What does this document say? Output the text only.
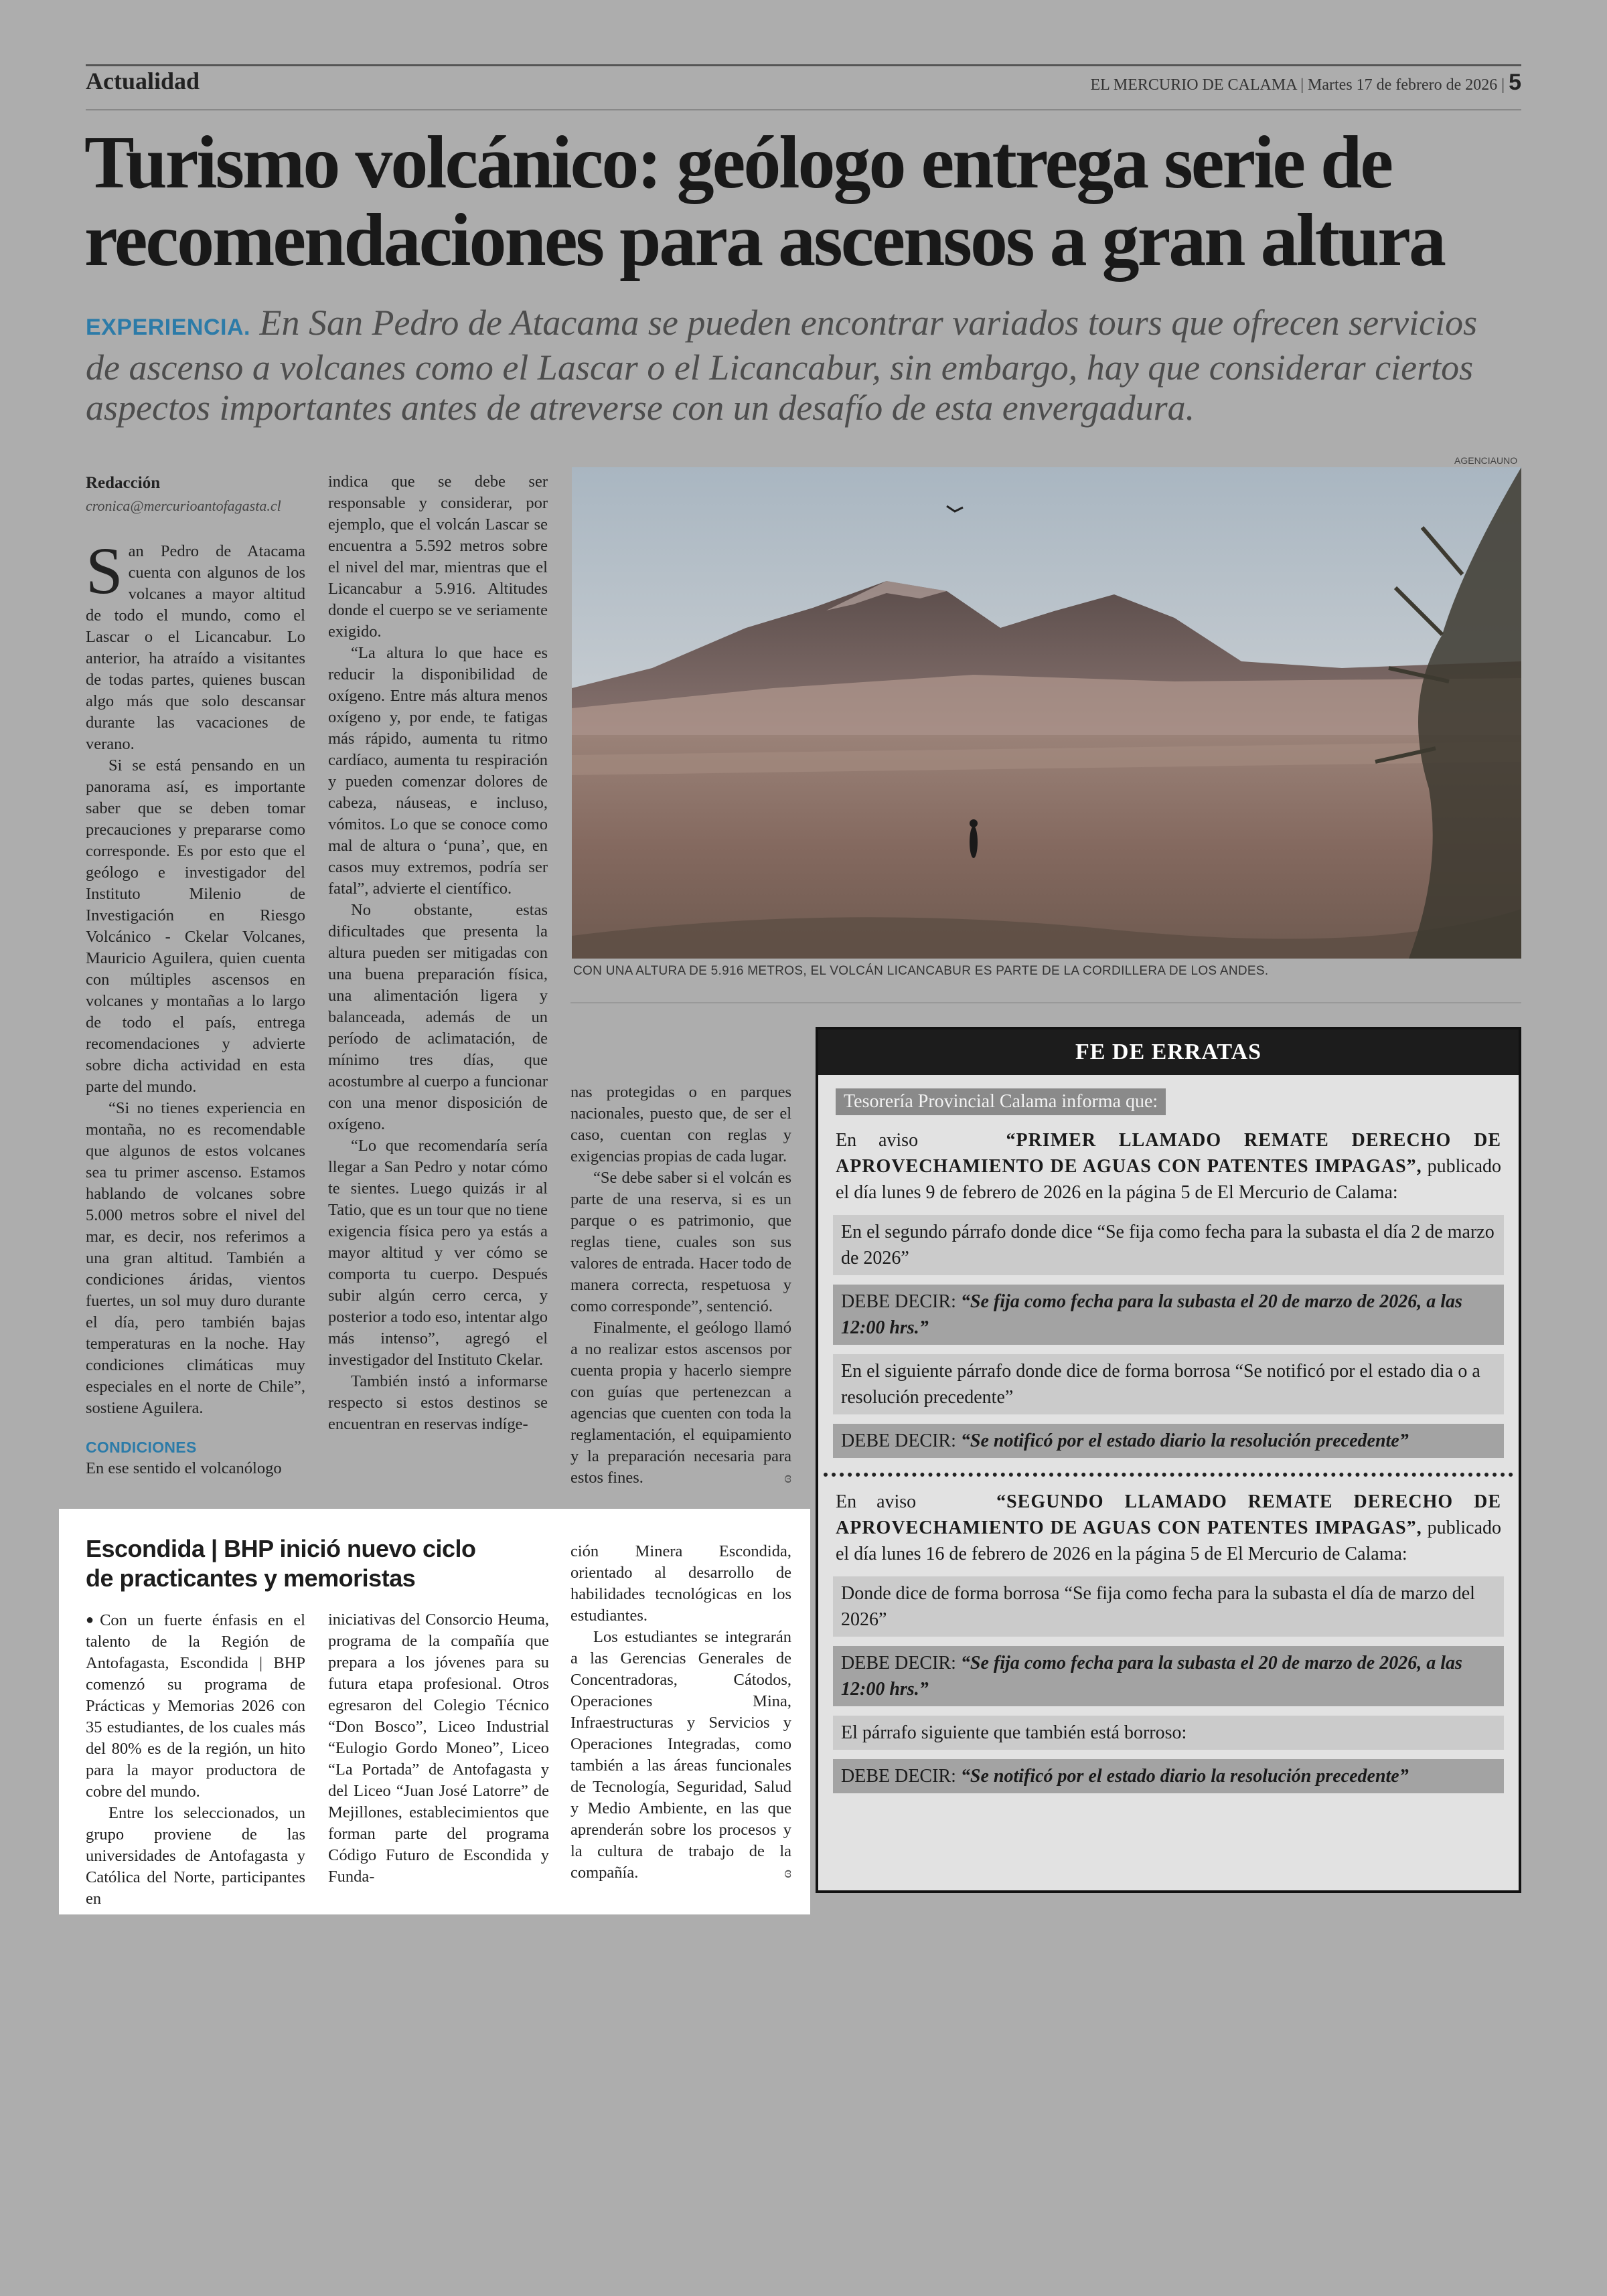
Actualidad	EL MERCURIO DE CALAMA | Martes 17 de febrero de 2026 | 5
Turismo volcánico: geólogo entrega serie de recomendaciones para ascensos a gran altura
EXPERIENCIA. En San Pedro de Atacama se pueden encontrar variados tours que ofrecen servicios de ascenso a volcanes como el Lascar o el Licancabur, sin embargo, hay que considerar ciertos aspectos importantes antes de atreverse con un desafío de esta envergadura.
Redacción
cronica@mercurioantofagasta.cl

San Pedro de Atacama cuenta con algunos de los volcanes a mayor altitud de todo el mundo, como el Lascar o el Licancabur. Lo anterior, ha atraído a visitantes de todas partes, quienes buscan algo más que solo descansar durante las vacaciones de verano.

Si se está pensando en un panorama así, es importante saber que se deben tomar precauciones y prepararse como corresponde. Es por esto que el geólogo e investigador del Instituto Milenio de Investigación en Riesgo Volcánico - Ckelar Volcanes, Mauricio Aguilera, quien cuenta con múltiples ascensos en volcanes y montañas a lo largo de todo el país, entrega recomendaciones y advierte sobre dicha actividad en esta parte del mundo.

“Si no tienes experiencia en montaña, no es recomendable que algunos de estos volcanes sea tu primer ascenso. Estamos hablando de volcanes sobre 5.000 metros sobre el nivel del mar, es decir, nos referimos a una gran altitud. También a condiciones áridas, vientos fuertes, un sol muy duro durante el día, pero también bajas temperaturas en la noche. Hay condiciones climáticas muy especiales en el norte de Chile”, sostiene Aguilera.

CONDICIONES

En ese sentido el volcanólogo

indica que se debe ser responsable y considerar, por ejemplo, que el volcán Lascar se encuentra a 5.592 metros sobre el nivel del mar, mientras que el Licancabur a 5.916. Altitudes donde el cuerpo se ve seriamente exigido.

“La altura lo que hace es reducir la disponibilidad de oxígeno. Entre más altura menos oxígeno y, por ende, te fatigas más rápido, aumenta tu ritmo cardíaco, aumenta tu respiración y pueden comenzar dolores de cabeza, náuseas, e incluso, vómitos. Lo que se conoce como mal de altura o ‘puna’, que, en casos muy extremos, podría ser fatal”, advierte el científico.

No obstante, estas dificultades que presenta la altura pueden ser mitigadas con una buena preparación física, una alimentación ligera y balanceada, además de un período de aclimatación, de mínimo tres días, que acostumbre al cuerpo a funcionar con una menor disposición de oxígeno.

“Lo que recomendaría sería llegar a San Pedro y notar cómo te sientes. Luego quizás ir al Tatio, que es un tour que no tiene exigencia física pero ya estás a mayor altitud y ver cómo se comporta tu cuerpo. Después subir algún cerro cerca, y posterior a todo eso, intentar algo más intenso”, agregó el investigador del Instituto Ckelar.

También instó a informarse respecto si estos destinos se encuentran en reservas indíge-

nas protegidas o en parques nacionales, puesto que, de ser el caso, cuentan con reglas y exigencias propias de cada lugar.

“Se debe saber si el volcán es parte de una reserva, si es un parque o es patrimonio, que reglas tiene, cuales son sus valores de entrada. Hacer todo de manera correcta, respetuosa y como corresponde”, sentenció.

Finalmente, el geólogo llamó a no realizar estos ascensos por cuenta propia y hacerlo siempre con guías que pertenezcan a agencias que cuenten con toda la reglamentación, el equipamiento y la preparación necesaria para estos fines.	ɞ

AGENCIAUNO
CON UNA ALTURA DE 5.916 METROS, EL VOLCÁN LICANCABUR ES PARTE DE LA CORDILLERA DE LOS ANDES.
FE DE ERRATAS
Tesorería Provincial Calama informa que:
En aviso	“PRIMER LLAMADO REMATE DERECHO DE APROVECHAMIENTO DE AGUAS CON PATENTES IMPAGAS”, publicado el día lunes 9 de febrero de 2026 en la página 5 de El Mercurio de Calama:
En el segundo párrafo donde dice “Se fija como fecha para la subasta el día 2 de marzo de 2026”
DEBE DECIR: “Se fija como fecha para la subasta el 20 de marzo de 2026, a las 12:00 hrs.”
En el siguiente párrafo donde dice de forma borrosa “Se notificó por el estado dia o a resolución precedente”
DEBE DECIR: “Se notificó por el estado diario la resolución precedente”
En aviso	“SEGUNDO LLAMADO REMATE DERECHO DE APROVECHAMIENTO DE AGUAS CON PATENTES IMPAGAS”, publicado el día lunes 16 de febrero de 2026 en la página 5 de El Mercurio de Calama:
Donde dice de forma borrosa “Se fija como fecha para la subasta el día de marzo del 2026”
DEBE DECIR: “Se fija como fecha para la subasta el 20 de marzo de 2026, a las 12:00 hrs.”
El párrafo siguiente que también está borroso:
DEBE DECIR: “Se notificó por el estado diario la resolución precedente”
Escondida | BHP inició nuevo ciclo de practicantes y memoristas

●Con un fuerte énfasis en el talento de la Región de Antofagasta, Escondida | BHP comenzó su programa de Prácticas y Memorias 2026 con 35 estudiantes, de los cuales más del 80% es de la región, un hito para la mayor productora de cobre del mundo.

Entre los seleccionados, un grupo proviene de las universidades de Antofagasta y Católica del Norte, participantes en

iniciativas del Consorcio Heuma, programa de la compañía que prepara a los jóvenes para su futura etapa profesional. Otros egresaron del Colegio Técnico “Don Bosco”, Liceo Industrial “Eulogio Gordo Moneo”, Liceo “La Portada” de Antofagasta y del Liceo “Juan José Latorre” de Mejillones, establecimientos que forman parte del programa Código Futuro de Escondida y Funda-

ción Minera Escondida, orientado al desarrollo de habilidades tecnológicas en los estudiantes.

Los estudiantes se integrarán a las Gerencias Generales de Concentradoras, Cátodos, Operaciones Mina, Infraestructuras y Servicios y Operaciones Integradas, como también a las áreas funcionales de Tecnología, Seguridad, Salud y Medio Ambiente, en las que aprenderán sobre los procesos y la cultura de trabajo de la compañía.	ɞ
